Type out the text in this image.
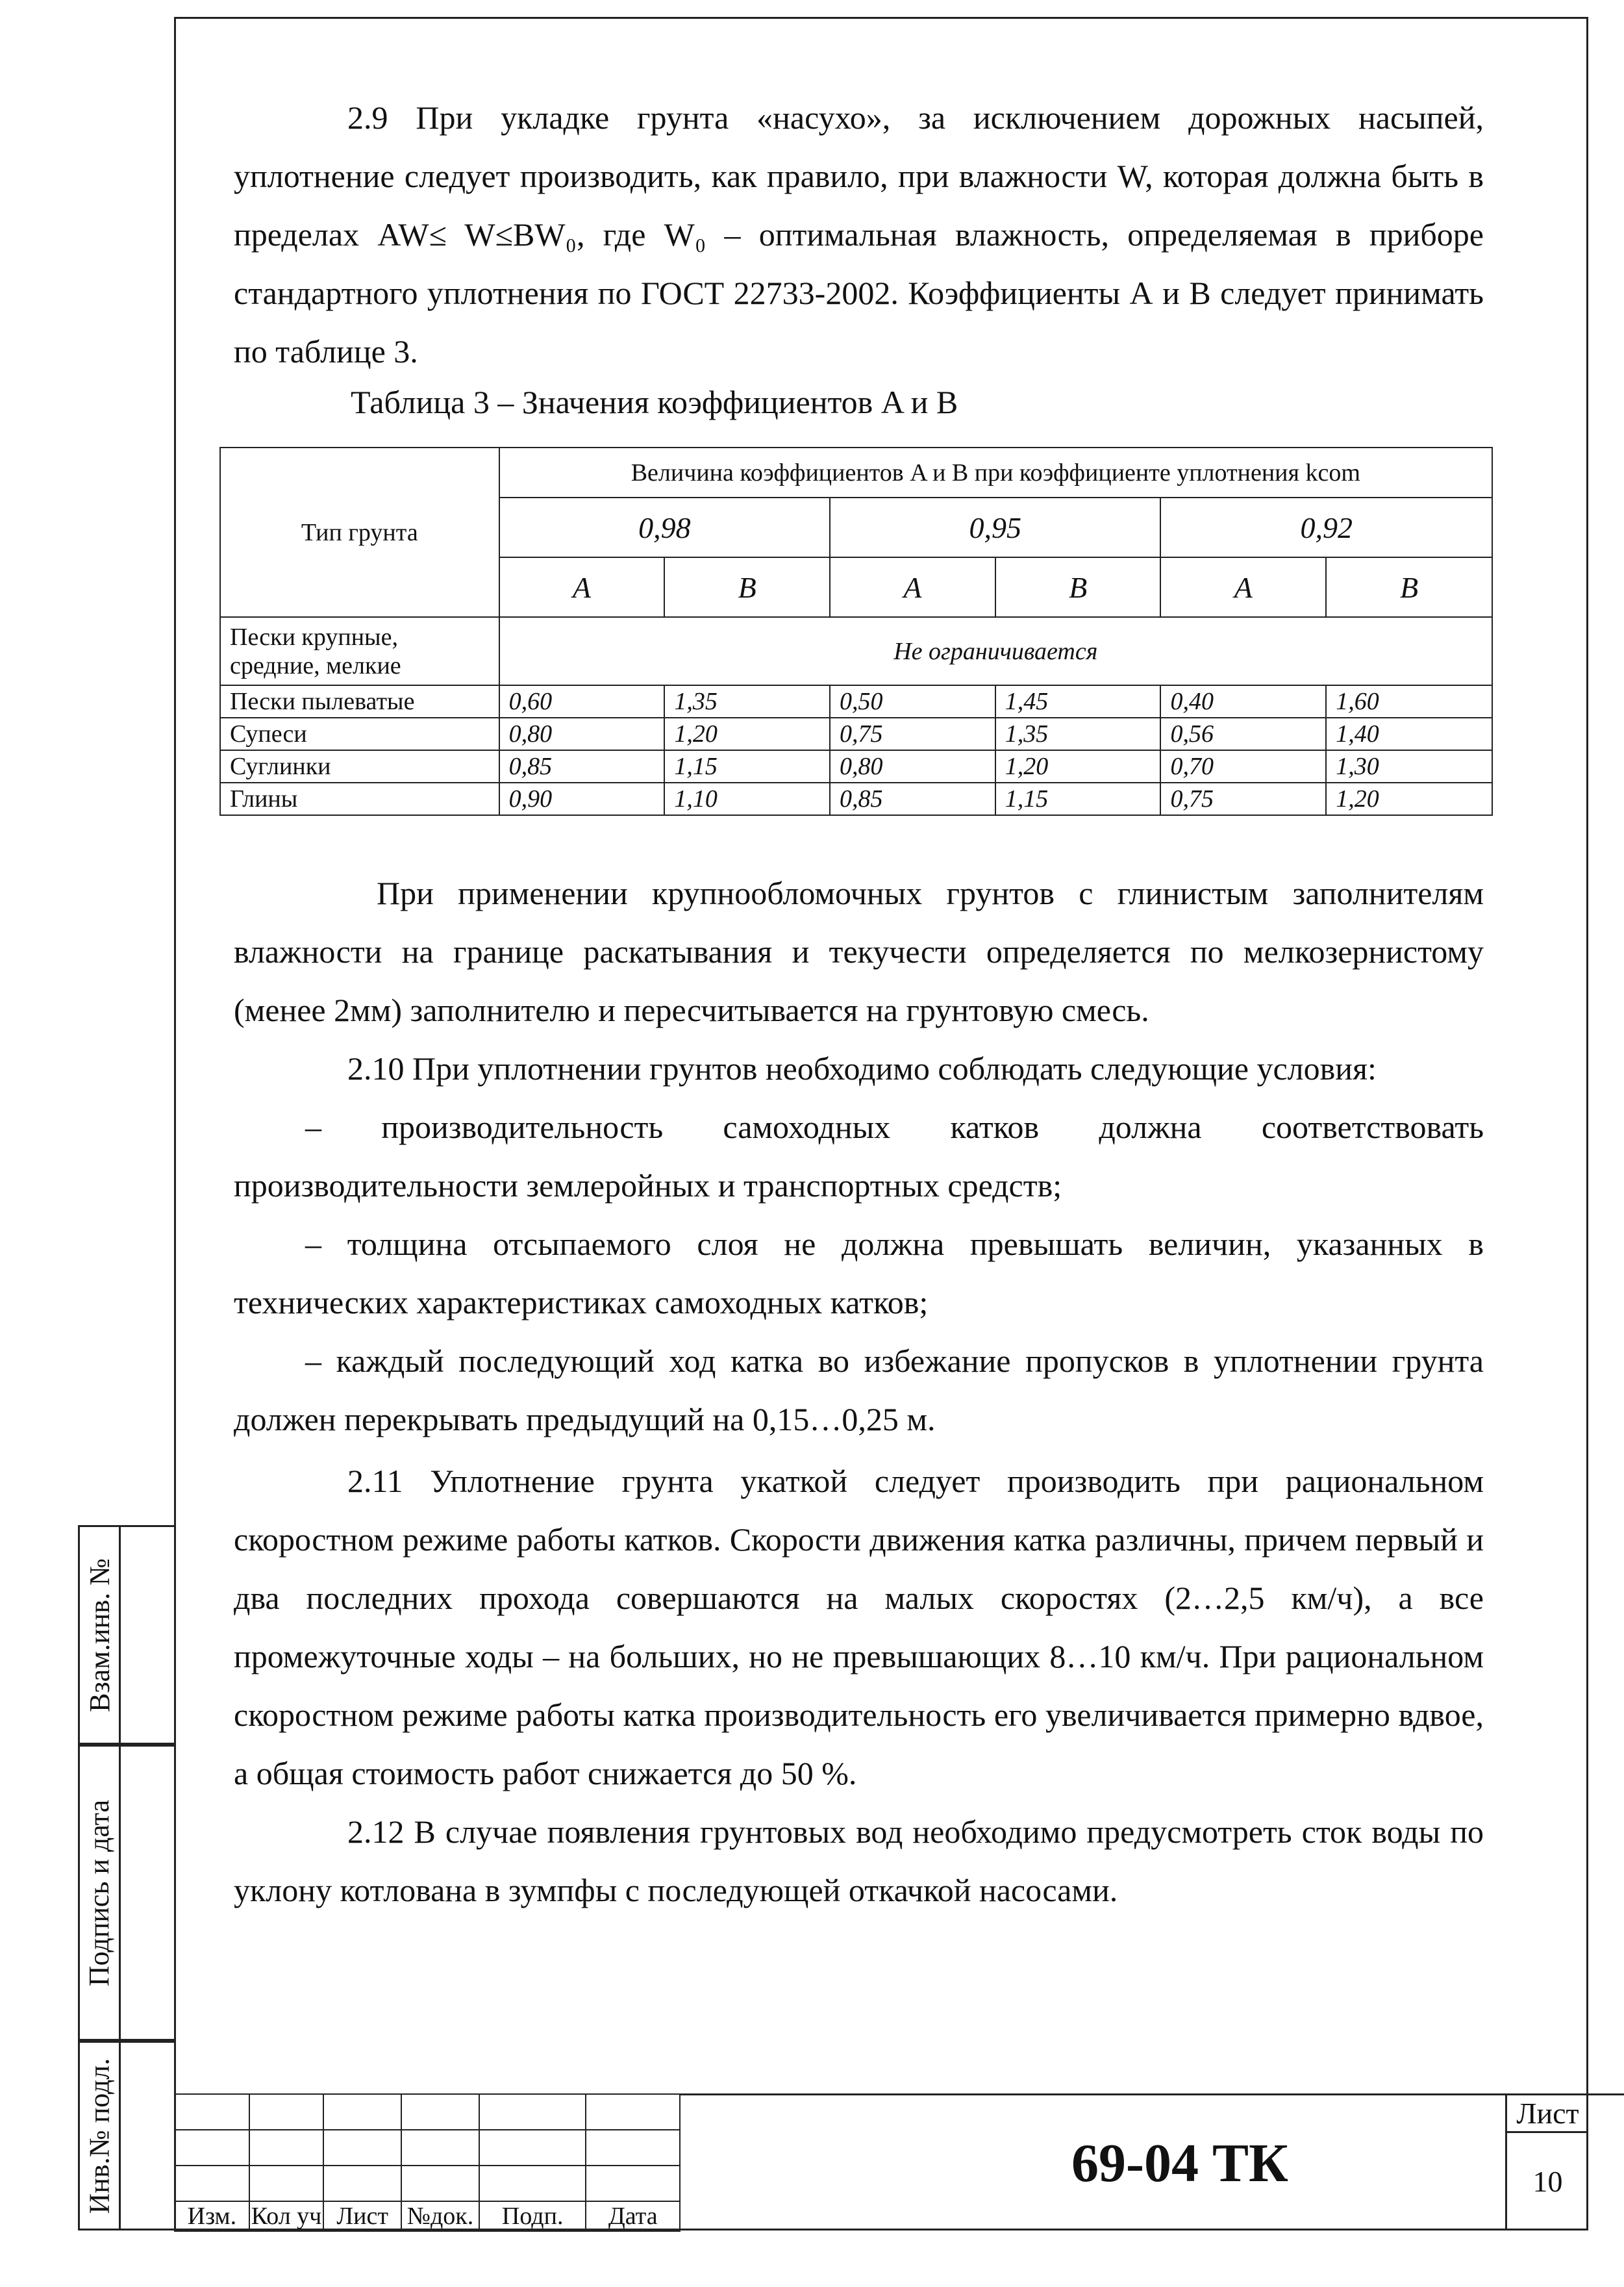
Взам.инв. №
Подпись и дата
Инв.№ подл.

2.9 При укладке грунта «насухо», за исключением дорожных насыпей, уплотнение следует производить, как правило, при влажности W, которая должна быть в пределах AW≤ W≤BW₀, где W₀ – оптимальная влажность, определяемая в приборе стандартного уплотнения по ГОСТ 22733-2002. Коэффициенты А и В следует принимать по таблице 3.

Таблица 3 – Значения коэффициентов A и B

Тип грунта	Величина коэффициентов A и B при коэффициенте уплотнения kcom					
	0,98		0,95		0,92	
	A	B	A	B	A	B
Пески крупные, средние, мелкие	Не ограничивается					
Пески пылеватые	0,60	1,35	0,50	1,45	0,40	1,60
Супеси	0,80	1,20	0,75	1,35	0,56	1,40
Суглинки	0,85	1,15	0,80	1,20	0,70	1,30
Глины	0,90	1,10	0,85	1,15	0,75	1,20

При применении крупнообломочных грунтов с глинистым заполнителям влажности на границе раскатывания и текучести определяется по мелкозернистому (менее 2мм) заполнителю и пересчитывается на грунтовую смесь.

2.10 При уплотнении грунтов необходимо соблюдать следующие условия:

– производительность самоходных катков должна соответствовать производительности землеройных и транспортных средств;

– толщина отсыпаемого слоя не должна превышать величин, указанных в технических характеристиках самоходных катков;

– каждый последующий ход катка во избежание пропусков в уплотнении грунта должен перекрывать предыдущий на 0,15…0,25 м.

2.11 Уплотнение грунта укаткой следует производить при рациональном скоростном режиме работы катков. Скорости движения катка различны, причем первый и два последних прохода совершаются на малых скоростях (2…2,5 км/ч), а все промежуточные ходы – на больших, но не превышающих 8…10 км/ч. При рациональном скоростном режиме работы катка производительность его увеличивается примерно вдвое, а общая стоимость работ снижается до 50 %.

2.12 В случае появления грунтовых вод необходимо предусмотреть сток воды по уклону котлована в зумпфы с последующей откачкой насосами.

Изм.	Кол уч	Лист	№док.	Подп.	Дата
69-04 ТК
Лист
10
